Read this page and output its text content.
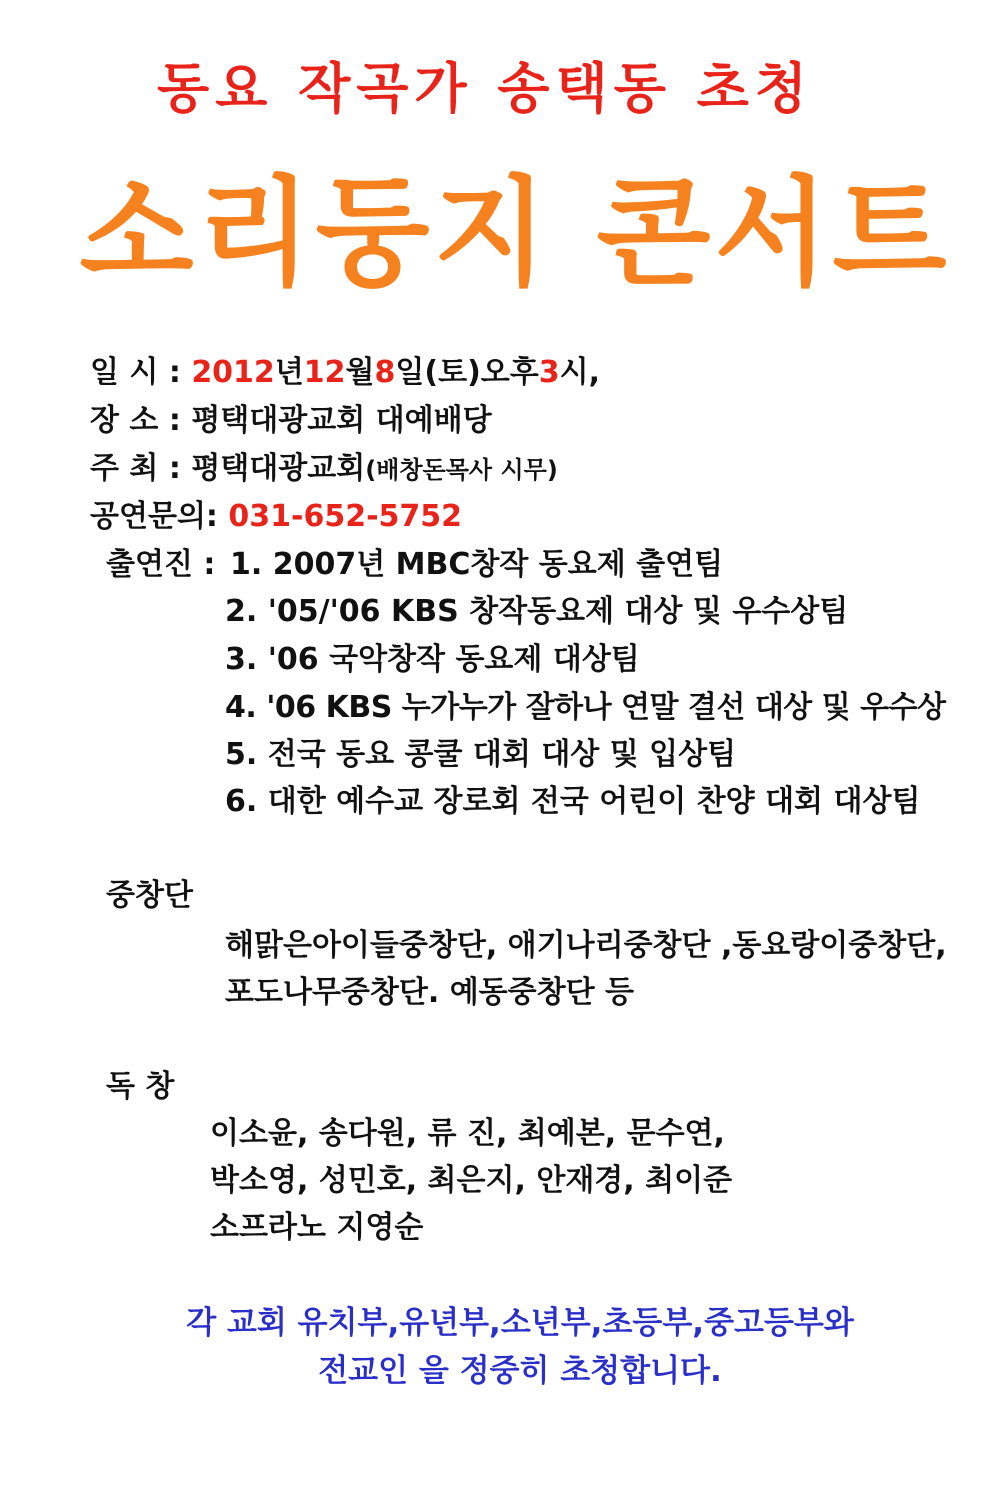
동요 작곡가 송택동 초청
소리둥지 콘서트
일 시 : 2012년12월8일(토)오후3시,
장 소 : 평택대광교회 대예배당
주 최 : 평택대광교회(배창돈목사 시무)
공연문의: 031-652-5752
출연진 : 1. 2007년 MBC창작 동요제 출연팀
2. '05/'06 KBS 창작동요제 대상 및 우수상팀
3. '06 국악창작 동요제 대상팀
4. '06 KBS 누가누가 잘하나 연말 결선 대상 및 우수상
5. 전국 동요 콩쿨 대회 대상 및 입상팀
6. 대한 예수교 장로회 전국 어린이 찬양 대회 대상팀
중창단
해맑은아이들중창단, 애기나리중창단 ,동요랑이중창단,
포도나무중창단. 예동중창단 등
독 창
이소윤, 송다원, 류 진, 최예본, 문수연,
박소영, 성민호, 최은지, 안재경, 최이준
소프라노 지영순
각 교회 유치부,유년부,소년부,초등부,중고등부와
전교인 을 정중히 초청합니다.
